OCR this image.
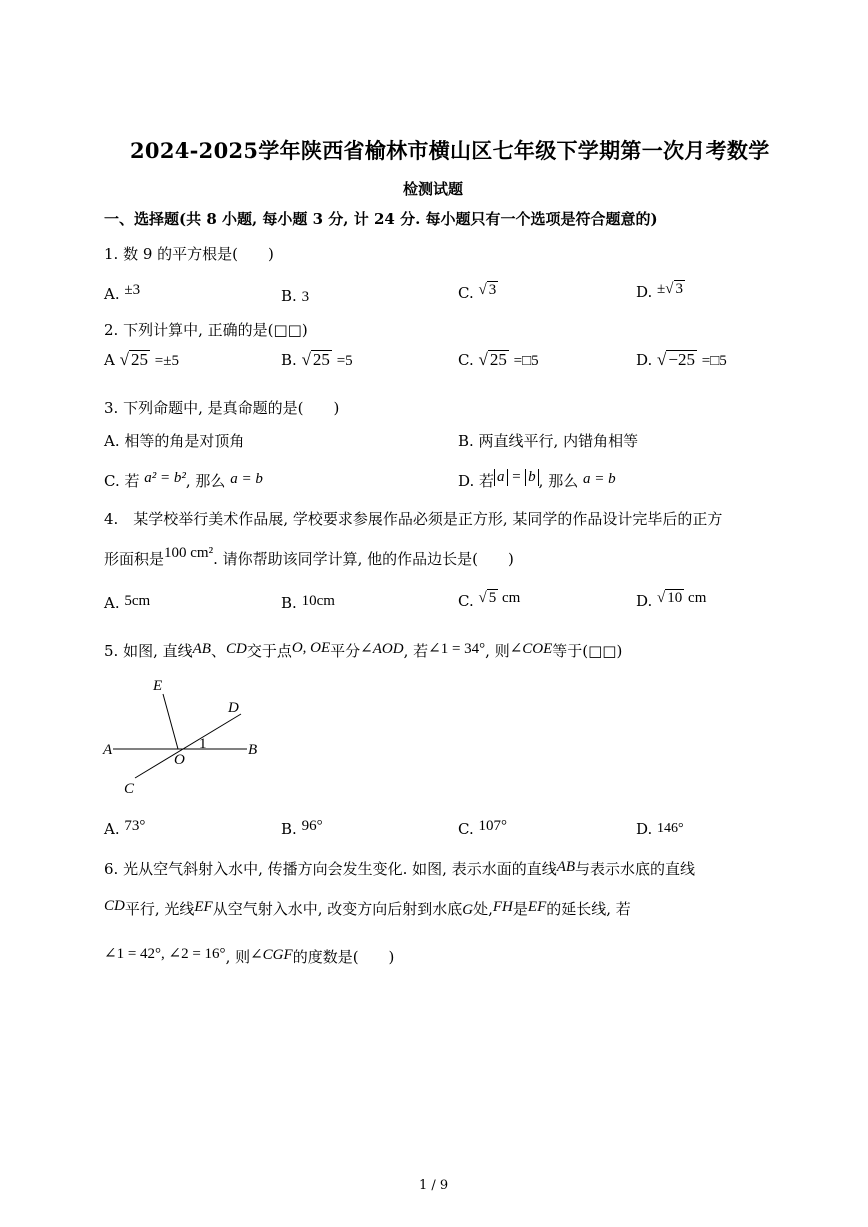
2024-2025学年陕西省榆林市横山区七年级下学期第一次月考数学
检测试题
一、选择题(共 8 小题, 每小题 3 分, 计 24 分. 每小题只有一个选项是符合题意的)
1. 数 9 的平方根是(　　)
A. ±3	B. 3	C. √ 3	D. ±√ 3
2. 下列计算中, 正确的是(□□)
A √ 25 =±5	B. √ 25 =5	C. √ 25 =□5	D. √ −25 =□5
3. 下列命题中, 是真命题的是(　　)
A. 相等的角是对顶角	B. 两直线平行, 内错角相等
C. 若 a² = b², 那么 a = b	D. 若 a = b , 那么 a = b
4.　某学校举行美术作品展, 学校要求参展作品必须是正方形, 某同学的作品设计完毕后的正方
形面积是100 cm². 请你帮助该同学计算, 他的作品边长是(　　)
A. 5cm	B. 10cm	C. √ 5 cm	D. √ 10 cm
5. 如图, 直线AB、CD交于点O, OE平分∠AOD, 若∠1 = 34°, 则∠COE等于(□□)
E
D
A
O
B
C
1
A. 73°	B. 96°	C. 107°	D. 146°
6. 光从空气斜射入水中, 传播方向会发生变化. 如图, 表示水面的直线AB与表示水底的直线
CD平行, 光线EF从空气射入水中, 改变方向后射到水底G处,FH是EF的延长线, 若
∠1 = 42°, ∠2 = 16°, 则∠CGF的度数是(　　)
1 / 9
